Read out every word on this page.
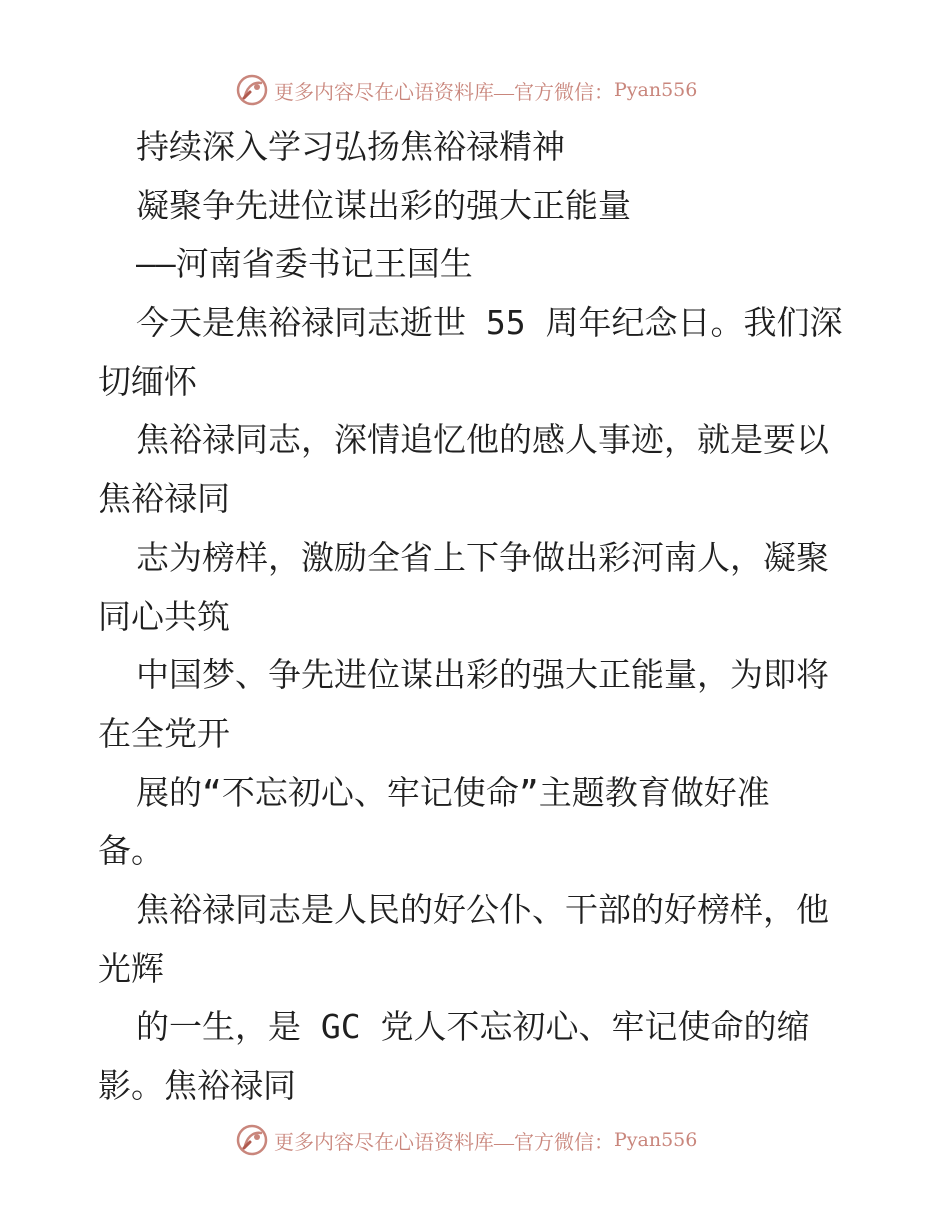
更多内容尽在心语资料库—官方微信： Pyan556
持续深入学习弘扬焦裕禄精神
凝聚争先进位谋出彩的强大正能量
——河南省委书记王国生
今天是焦裕禄同志逝世 55 周年纪念日。我们深
切缅怀
焦裕禄同志，深情追忆他的感人事迹，就是要以
焦裕禄同
志为榜样，激励全省上下争做出彩河南人，凝聚
同心共筑
中国梦、争先进位谋出彩的强大正能量，为即将
在全党开
展的“不忘初心、牢记使命”主题教育做好准
备。
焦裕禄同志是人民的好公仆、干部的好榜样，他
光辉
的一生，是 GC 党人不忘初心、牢记使命的缩
影。焦裕禄同
更多内容尽在心语资料库—官方微信： Pyan556
